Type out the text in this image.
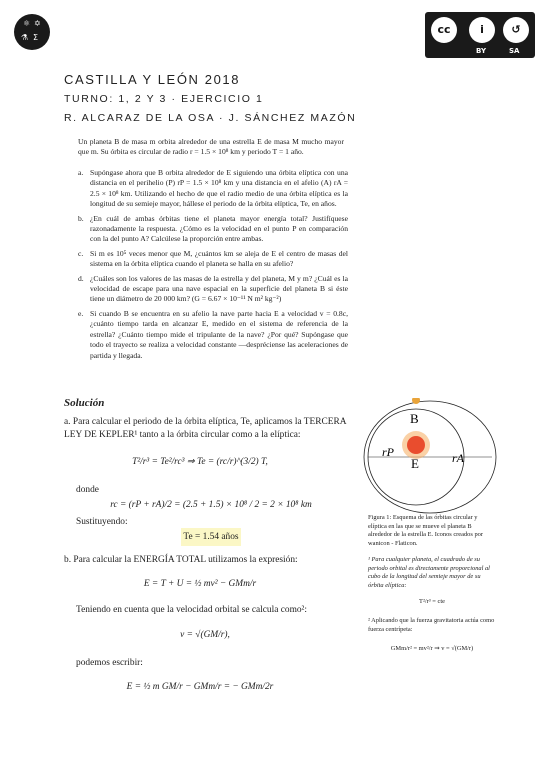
⚛ ✡
⚗ Σ
cc	i	↺
BY	SA
CASTILLA Y LEÓN 2018
TURNO: 1, 2 Y 3 · EJERCICIO 1
R. ALCARAZ DE LA OSA · J. SÁNCHEZ MAZÓN
Un planeta B de masa m orbita alrededor de una estrella E de masa M mucho mayor que m. Su órbita es circular de radio r = 1.5 × 10⁸ km y periodo T = 1 año.
a. Supóngase ahora que B orbita alrededor de E siguiendo una órbita elíptica con una distancia en el perihelio (P) rP = 1.5 × 10⁸ km y una distancia en el afelio (A) rA = 2.5 × 10⁸ km. Utilizando el hecho de que el radio medio de una órbita elíptica es la longitud de su semieje mayor, hállese el periodo de la órbita elíptica, Te, en años.
b. ¿En cuál de ambas órbitas tiene el planeta mayor energía total? Justifíquese razonadamente la respuesta. ¿Cómo es la velocidad en el punto P en comparación con la del punto A? Calcúlese la proporción entre ambas.
c. Si m es 10⁵ veces menor que M, ¿cuántos km se aleja de E el centro de masas del sistema en la órbita elíptica cuando el planeta se halla en su afelio?
d. ¿Cuáles son los valores de las masas de la estrella y del planeta, M y m? ¿Cuál es la velocidad de escape para una nave espacial en la superficie del planeta B si éste tiene un diámetro de 20 000 km? (G = 6.67 × 10⁻¹¹ N m² kg⁻²)
e. Si cuando B se encuentra en su afelio la nave parte hacia E a velocidad v = 0.8c, ¿cuánto tiempo tarda en alcanzar E, medido en el sistema de referencia de la estrella? ¿Cuánto tiempo mide el tripulante de la nave? ¿Por qué? Supóngase que todo el trayecto se realiza a velocidad constante —despréciense las aceleraciones de partida y llegada.
Solución
a. Para calcular el periodo de la órbita elíptica, Te, aplicamos la TERCERA LEY DE KEPLER¹ tanto a la órbita circular como a la elíptica:
T²/r³ = Te²/rc³ ⇒ Te = (rc/r)^(3/2) T,
donde
rc = (rP + rA)/2 = (2.5 + 1.5) × 10⁸ / 2 = 2 × 10⁸ km
Sustituyendo:
Te = 1.54 años
b. Para calcular la ENERGÍA TOTAL utilizamos la expresión:
E = T + U = ½ mv² − GMm/r
Teniendo en cuenta que la velocidad orbital se calcula como²:
v = √(GM/r),
podemos escribir:
E = ½ m GM/r − GMm/r = − GMm/2r
B
E
rP	rA
Figura 1: Esquema de las órbitas circular y elíptica en las que se mueve el planeta B alrededor de la estrella E. Iconos creados por wanicon - Flaticon.
¹ Para cualquier planeta, el cuadrado de su periodo orbital es directamente proporcional al cubo de la longitud del semieje mayor de su órbita elíptica:
T²/r³ = cte
² Aplicando que la fuerza gravitatoria actúa como fuerza centrípeta:
GMm/r² = mv²/r ⇒ v = √(GM/r)
